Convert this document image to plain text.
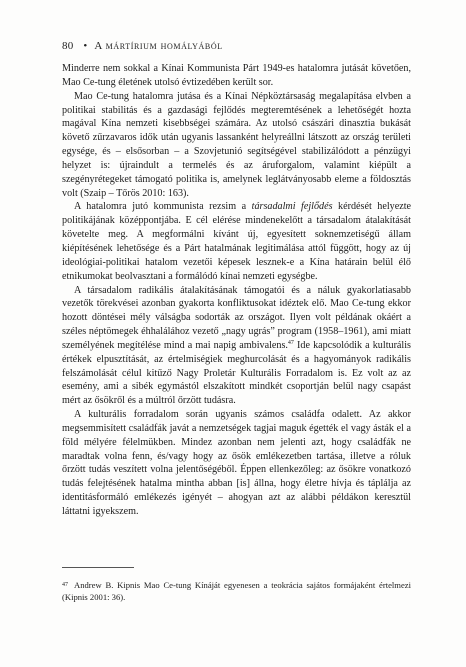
80 • A mártírium homályából

Minderre nem sokkal a Kínai Kommunista Párt 1949-es hatalomra jutását követően, Mao Ce-tung életének utolsó évtizedében került sor.

Mao Ce-tung hatalomra jutása és a Kínai Népköztársaság megalapítása elvben a politikai stabilitás és a gazdasági fejlődés megteremtésének a lehetőségét hozta magával Kína nemzeti kisebbségei számára. Az utolsó császári dinasztia bukását követő zűrzavaros idők után ugyanis lassanként helyreállni látszott az ország területi egysége, és – elsősorban – a Szovjetunió segítségével stabilizálódott a pénzügyi helyzet is: újraindult a termelés és az áruforgalom, valamint kiépült a szegényrétegeket támogató politika is, amelynek leglátványosabb eleme a földosztás volt (Szaip – Tőrös 2010: 163).

A hatalomra jutó kommunista rezsim a társadalmi fejlődés kérdését helyezte politikájának középpontjába. E cél elérése mindenekelőtt a társadalom átalakítását követelte meg. A megformálni kívánt új, egyesített soknemzetiségű állam kiépítésének lehetősége és a Párt hatalmának legitimálása attól függött, hogy az új ideológiai-politikai hatalom vezetői képesek lesznek-e a Kína határain belül élő etnikumokat beolvasztani a formálódó kínai nemzeti egységbe.

A társadalom radikális átalakításának támogatói és a náluk gyakorlatiasabb vezetők törekvései azonban gyakorta konfliktusokat idéztek elő. Mao Ce-tung ekkor hozott döntései mély válságba sodorták az országot. Ilyen volt példának okáért a széles néptömegek éhhalálához vezető „nagy ugrás” program (1958–1961), ami miatt személyének megítélése mind a mai napig ambivalens.$^{47}$ Ide kapcsolódik a kulturális értékek elpusztítását, az értelmiségiek meghurcolását és a hagyományok radikális felszámolását célul kitűző Nagy Proletár Kulturális Forradalom is. Ez volt az az esemény, ami a sibék egymástól elszakított mindkét csoportján belül nagy csapást mért az ősökről és a múltról őrzött tudásra.

A kulturális forradalom során ugyanis számos családfa odalett. Az akkor megsemmisített családfák javát a nemzetségek tagjai maguk égették el vagy ásták el a föld mélyére félelmükben. Mindez azonban nem jelenti azt, hogy családfák ne maradtak volna fenn, és/vagy hogy az ősök emlékezetben tartása, illetve a róluk őrzött tudás veszített volna jelentőségéből. Éppen ellenkezőleg: az ősökre vonatkozó tudás felejtésének hatalma mintha abban [is] állna, hogy életre hívja és táplálja az identitásformáló emlékezés igényét – ahogyan azt az alábbi példákon keresztül láttatni igyekszem.

$^{47}$ Andrew B. Kipnis Mao Ce-tung Kínáját egyenesen a teokrácia sajátos formájaként értelmezi (Kipnis 2001: 36).
